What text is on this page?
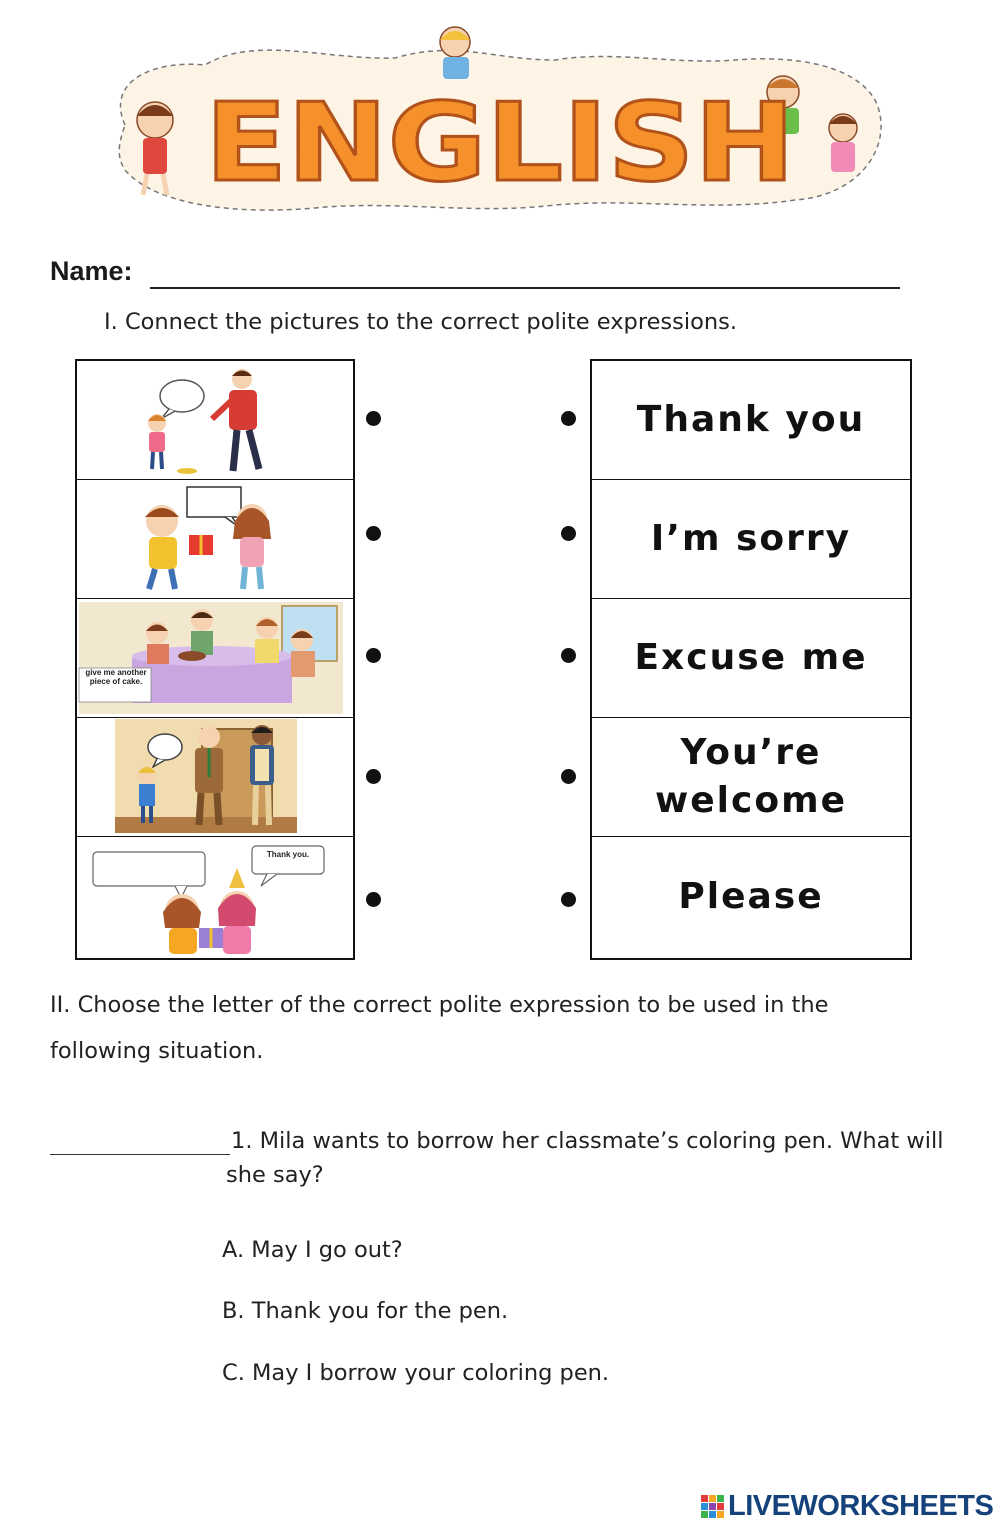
ENGLISH
Name:
I. Connect the pictures to the correct polite expressions.
give me another piece of cake.
Thank you.
Thank you
I’m sorry
Excuse me
You’re welcome
Please
II. Choose the letter of the correct polite expression to be used in the following situation.
1. Mila wants to borrow her classmate’s coloring pen. What will she say?
A. May I go out?
B. Thank you for the pen.
C. May I borrow your coloring pen.
LIVEWORKSHEETS
